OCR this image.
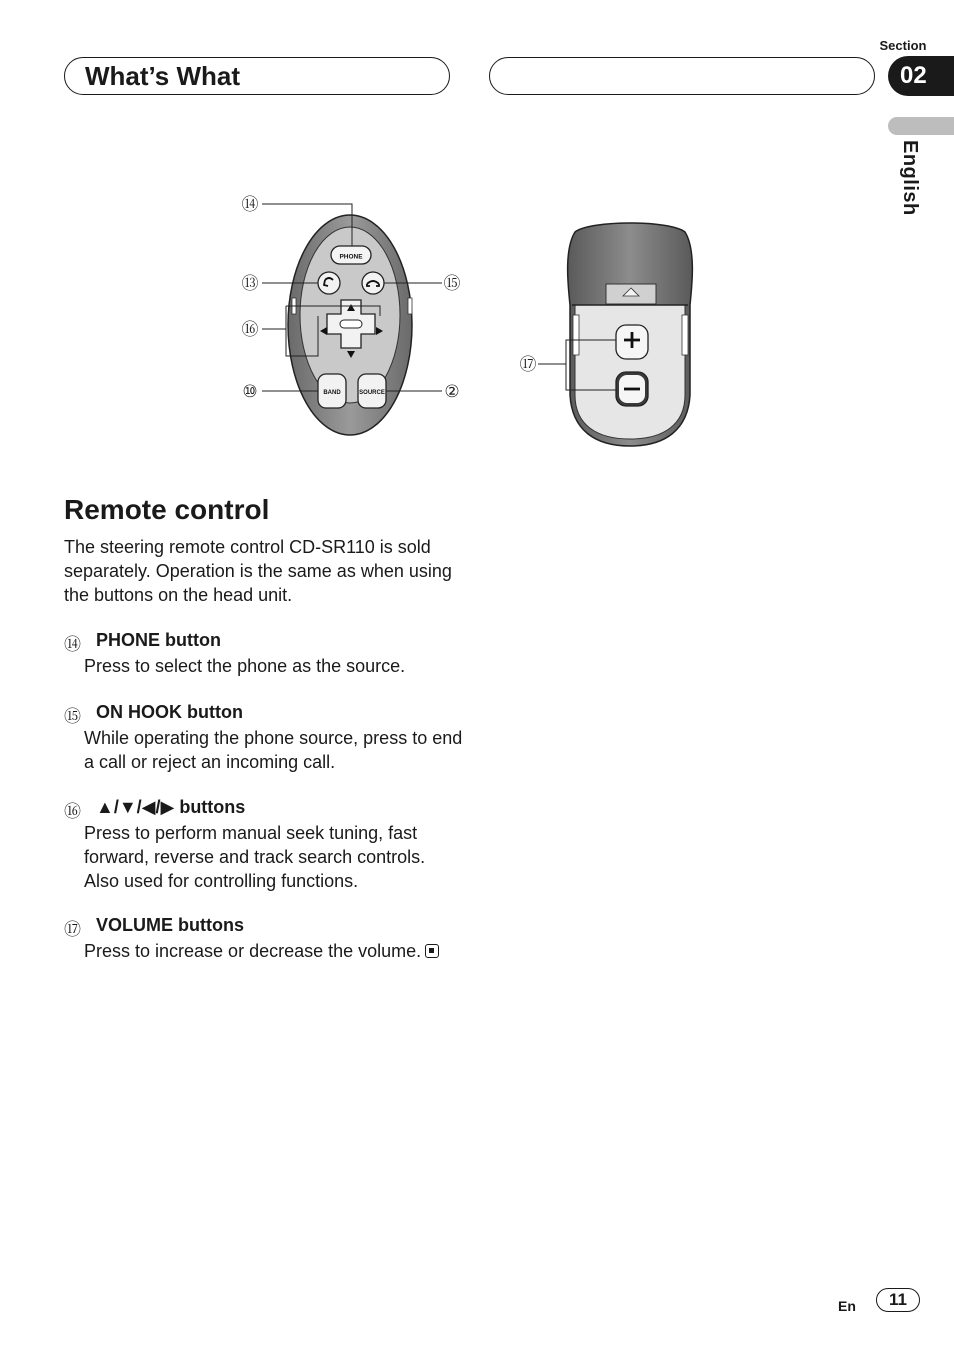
Section
02
What’s What
English
PHONE
BAND	SOURCE
⑭
⑬	⑮
⑯
⑩	②
⑰
Remote control
The steering remote control CD-SR110 is sold separately. Operation is the same as when using the buttons on the head unit.
⑭ PHONE button
Press to select the phone as the source.
⑮ ON HOOK button
While operating the phone source, press to end a call or reject an incoming call.
⑯ ▲/▼/◀/▶ buttons
Press to perform manual seek tuning, fast forward, reverse and track search controls. Also used for controlling functions.
⑰ VOLUME buttons
Press to increase or decrease the volume.
En	11
